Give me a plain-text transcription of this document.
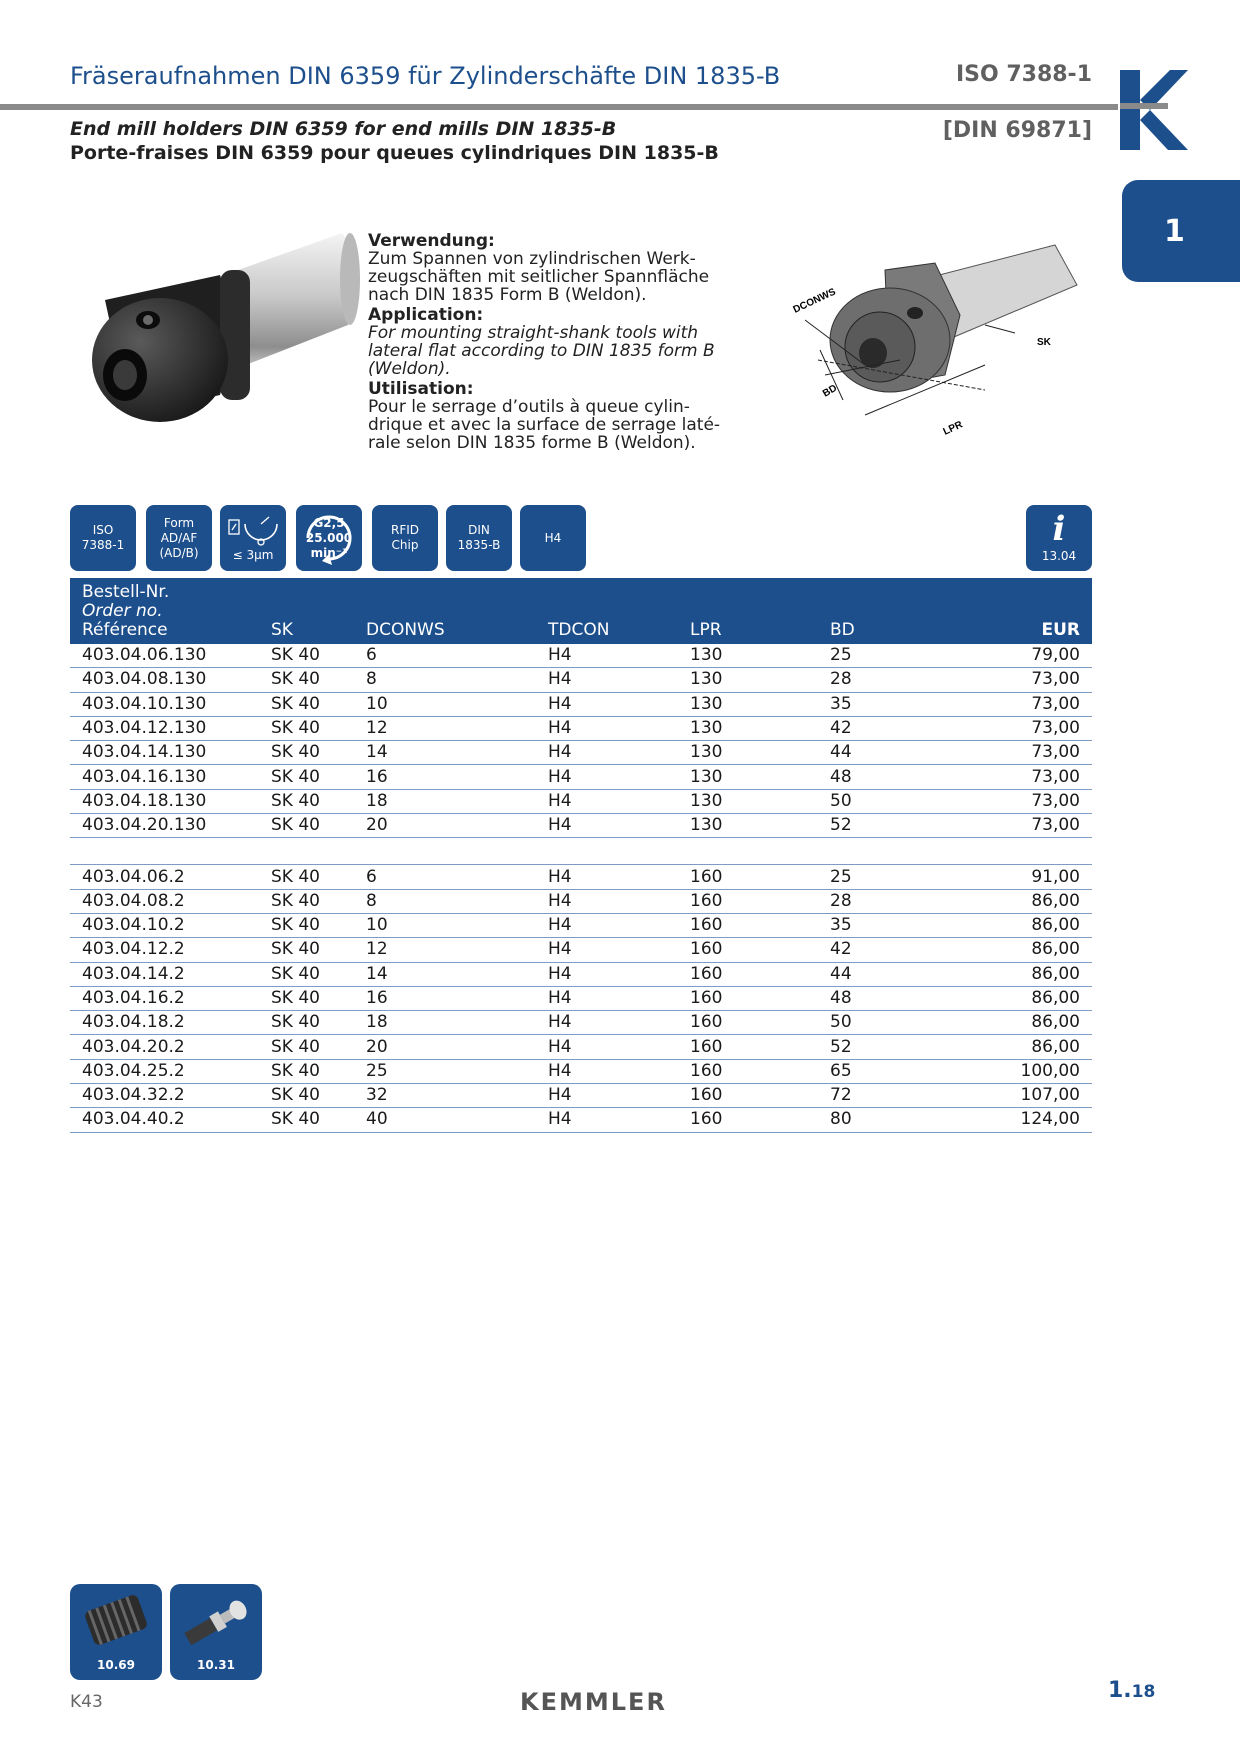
Fräseraufnahmen DIN 6359 für Zylinderschäfte DIN 1835-B	ISO 7388-1
End mill holders DIN 6359 for end mills DIN 1835-B
Porte-fraises DIN 6359 pour queues cylindriques DIN 1835-B
[DIN 69871]
1

Verwendung:

Zum Spannen von zylindrischen Werk-zeugschäften mit seitlicher Spannfläche nach DIN 1835 Form B (Weldon).

Application:

For mounting straight-shank tools with lateral flat according to DIN 1835 form B (Weldon).

Utilisation:

Pour le serrage d’outils à queue cylin-drique et avec la surface de serrage laté-rale selon DIN 1835 forme B (Weldon).

DCONWS
BD
LPR
SK
ISO
7388-1
Form
AD/AF
(AD/B)	≤ 3µm
G2,5
25.000
min⁻¹
RFID
Chip
DIN
1835-B
H4	i
13.04
Bestell-Nr.
Order no.
Référence	SK	DCONWS	TDCON	LPR	BD	EUR
403.04.06.130	SK 40	6	H4	130	25	79,00
403.04.08.130	SK 40	8	H4	130	28	73,00
403.04.10.130	SK 40	10	H4	130	35	73,00
403.04.12.130	SK 40	12	H4	130	42	73,00
403.04.14.130	SK 40	14	H4	130	44	73,00
403.04.16.130	SK 40	16	H4	130	48	73,00
403.04.18.130	SK 40	18	H4	130	50	73,00
403.04.20.130	SK 40	20	H4	130	52	73,00

403.04.06.2	SK 40	6	H4	160	25	91,00
403.04.08.2	SK 40	8	H4	160	28	86,00
403.04.10.2	SK 40	10	H4	160	35	86,00
403.04.12.2	SK 40	12	H4	160	42	86,00
403.04.14.2	SK 40	14	H4	160	44	86,00
403.04.16.2	SK 40	16	H4	160	48	86,00
403.04.18.2	SK 40	18	H4	160	50	86,00
403.04.20.2	SK 40	20	H4	160	52	86,00
403.04.25.2	SK 40	25	H4	160	65	100,00
403.04.32.2	SK 40	32	H4	160	72	107,00
403.04.40.2	SK 40	40	H4	160	80	124,00
10.69	10.31
K43	KEMMLER	1.18
